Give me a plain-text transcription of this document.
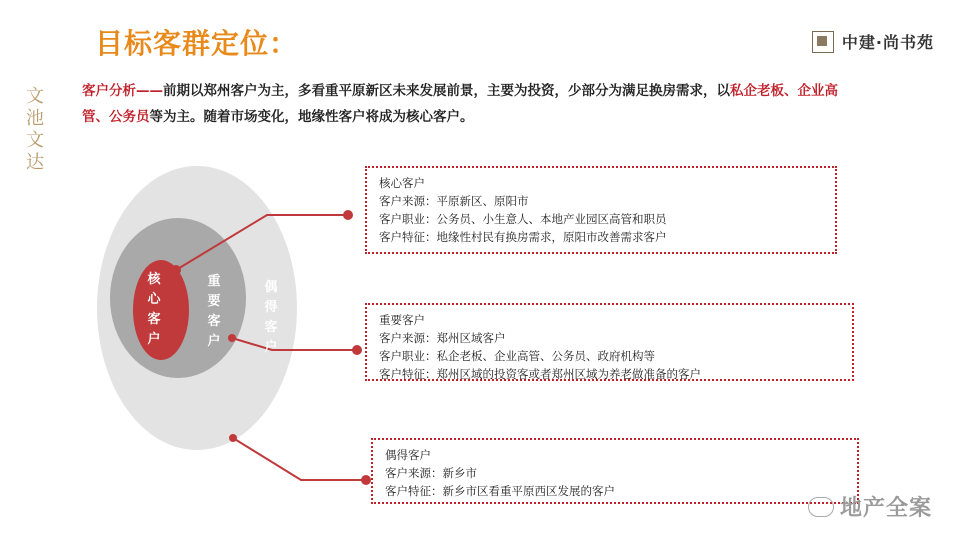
目标客群定位：
文
池
文
达
中建·尚书苑
客户分析——前期以郑州客户为主，多看重平原新区未来发展前景，主要为投资，少部分为满足换房需求，以私企老板、企业高管、公务员等为主。随着市场变化，地缘性客户将成为核心客户。
核心客户
重要客户
偶得客户
核心客户
客户来源：平原新区、原阳市
客户职业：公务员、小生意人、本地产业园区高管和职员
客户特征：地缘性村民有换房需求，原阳市改善需求客户
重要客户
客户来源：郑州区域客户
客户职业：私企老板、企业高管、公务员、政府机构等
客户特征：郑州区域的投资客或者郑州区域为养老做准备的客户
偶得客户
客户来源：新乡市
客户特征：新乡市区看重平原西区发展的客户
地产全案
